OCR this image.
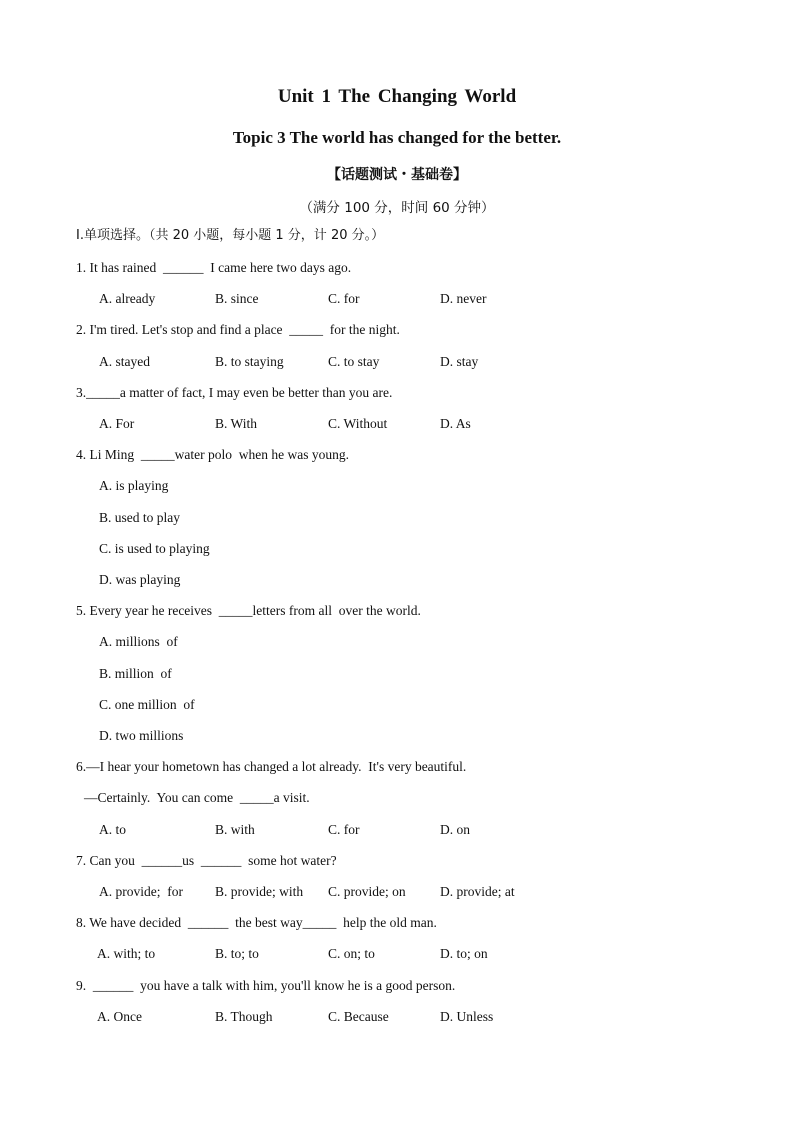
Unit 1 The Changing World
Topic 3 The world has changed for the better.
【话题测试・基础卷】
（满分 100 分，时间 60 分钟）
I.单项选择。（共 20 小题，每小题 1 分，计 20 分。）
1. It has rained  ______  I came here two days ago.
A. already	B. since	C. for	D. never
2. I'm tired. Let's stop and find a place  _____  for the night.
A. stayed	B. to staying	C. to stay	D. stay
3._____a matter of fact, I may even be better than you are.
A. For	B. With	C. Without	D. As
4. Li Ming  _____water polo  when he was young.
A. is playing
B. used to play
C. is used to playing
D. was playing
5. Every year he receives  _____letters from all  over the world.
A. millions  of
B. million  of
C. one million  of
D. two millions
6.—I hear your hometown has changed a lot already.  It's very beautiful.
—Certainly.  You can come  _____a visit.
A. to	B. with	C. for	D. on
7. Can you  ______us  ______  some hot water?
A. provide;  for B. provide; with C. provide; on	D. provide; at
8. We have decided  ______  the best way_____  help the old man.
A. with; to	B. to; to	C. on; to	D. to; on
9.  ______  you have a talk with him, you'll know he is a good person.
A. Once	B. Though	C. Because	D. Unless
